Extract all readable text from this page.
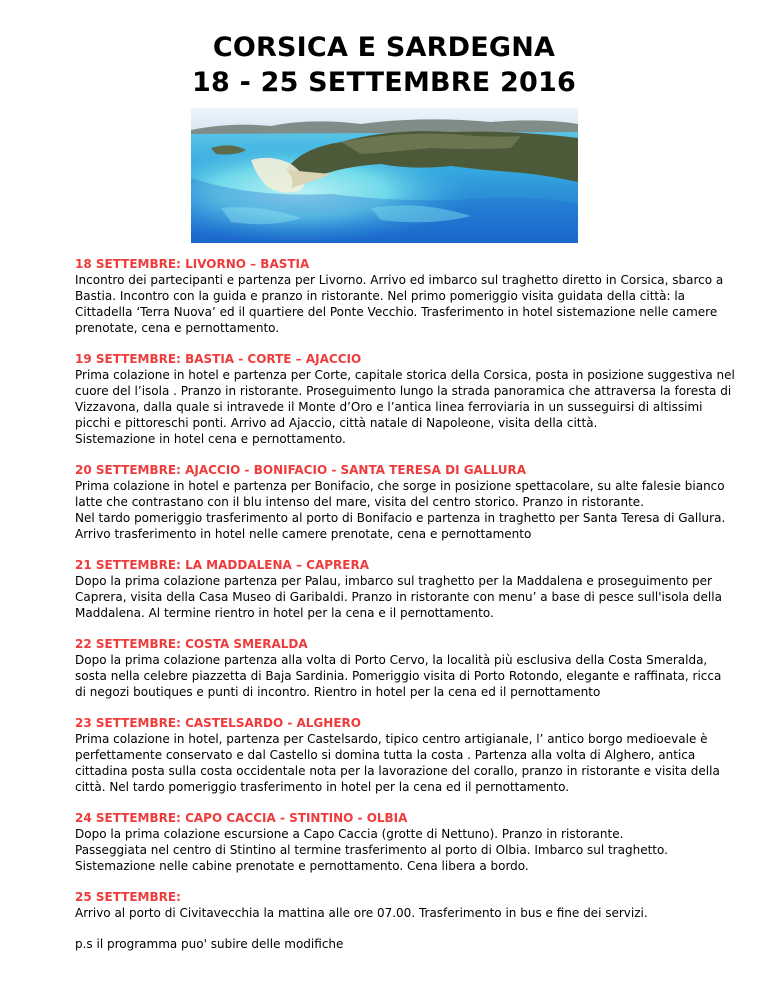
CORSICA E SARDEGNA
18 - 25 SETTEMBRE 2016
18 SETTEMBRE: LIVORNO – BASTIA
Incontro dei partecipanti e partenza per Livorno. Arrivo ed imbarco sul traghetto diretto in Corsica, sbarco a
Bastia. Incontro con la guida e pranzo in ristorante. Nel primo pomeriggio visita guidata della città: la
Cittadella ‘Terra Nuova’ ed il quartiere del Ponte Vecchio. Trasferimento in hotel sistemazione nelle camere
prenotate, cena e pernottamento.
19 SETTEMBRE: BASTIA - CORTE – AJACCIO
Prima colazione in hotel e partenza per Corte, capitale storica della Corsica, posta in posizione suggestiva nel
cuore del l’isola . Pranzo in ristorante. Proseguimento lungo la strada panoramica che attraversa la foresta di
Vizzavona, dalla quale si intravede il Monte d’Oro e l’antica linea ferroviaria in un susseguirsi di altissimi
picchi e pittoreschi ponti. Arrivo ad Ajaccio, città natale di Napoleone, visita della città.
Sistemazione in hotel cena e pernottamento.
20 SETTEMBRE: AJACCIO - BONIFACIO - SANTA TERESA DI GALLURA
Prima colazione in hotel e partenza per Bonifacio, che sorge in posizione spettacolare, su alte falesie bianco
latte che contrastano con il blu intenso del mare, visita del centro storico. Pranzo in ristorante.
Nel tardo pomeriggio trasferimento al porto di Bonifacio e partenza in traghetto per Santa Teresa di Gallura.
Arrivo trasferimento in hotel nelle camere prenotate, cena e pernottamento
21 SETTEMBRE: LA MADDALENA – CAPRERA
Dopo la prima colazione partenza per Palau, imbarco sul traghetto per la Maddalena e proseguimento per
Caprera, visita della Casa Museo di Garibaldi. Pranzo in ristorante con menu’ a base di pesce sull'isola della
Maddalena. Al termine rientro in hotel per la cena e il pernottamento.
22 SETTEMBRE: COSTA SMERALDA
Dopo la prima colazione partenza alla volta di Porto Cervo, la località più esclusiva della Costa Smeralda,
sosta nella celebre piazzetta di Baja Sardinia. Pomeriggio visita di Porto Rotondo, elegante e raffinata, ricca
di negozi boutiques e punti di incontro. Rientro in hotel per la cena ed il pernottamento
23 SETTEMBRE: CASTELSARDO - ALGHERO
Prima colazione in hotel, partenza per Castelsardo, tipico centro artigianale, l’ antico borgo medioevale è
perfettamente conservato e dal Castello si domina tutta la costa . Partenza alla volta di Alghero, antica
cittadina posta sulla costa occidentale nota per la lavorazione del corallo, pranzo in ristorante e visita della
città. Nel tardo pomeriggio trasferimento in hotel per la cena ed il pernottamento.
24 SETTEMBRE: CAPO CACCIA - STINTINO - OLBIA
Dopo la prima colazione escursione a Capo Caccia (grotte di Nettuno). Pranzo in ristorante.
Passeggiata nel centro di Stintino al termine trasferimento al porto di Olbia. Imbarco sul traghetto.
Sistemazione nelle cabine prenotate e pernottamento. Cena libera a bordo.
25 SETTEMBRE:
Arrivo al porto di Civitavecchia la mattina alle ore 07.00. Trasferimento in bus e fine dei servizi.
p.s il programma puo' subire delle modifiche
